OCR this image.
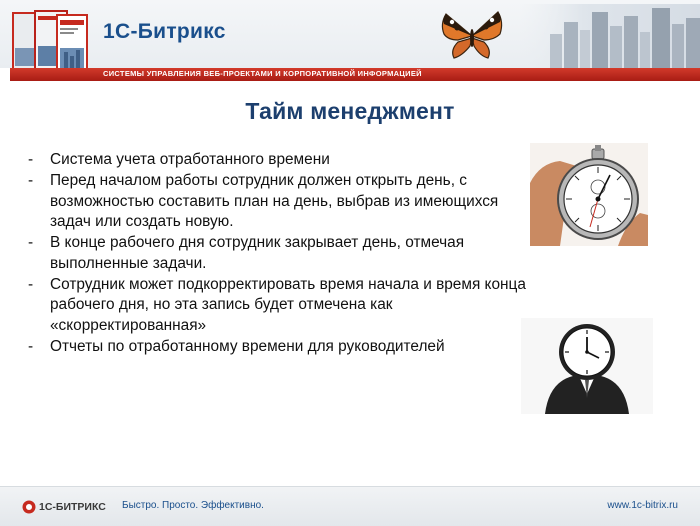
1С-Битрикс
СИСТЕМЫ УПРАВЛЕНИЯ ВЕБ-ПРОЕКТАМИ И КОРПОРАТИВНОЙ ИНФОРМАЦИЕЙ
Тайм менеджмент
- Система учета отработанного времени
- Перед началом работы сотрудник должен открыть день, с возможностью составить план на день, выбрав из имеющихся задач или создать новую.
- В конце рабочего дня сотрудник закрывает день, отмечая выполненные задачи.
- Сотрудник может подкорректировать время начала и время конца рабочего дня, но эта запись будет отмечена как «скорректированная»
- Отчеты по отработанному времени для руководителей
1С-БИТРИКС Быстро. Просто. Эффективно.	www.1c-bitrix.ru
